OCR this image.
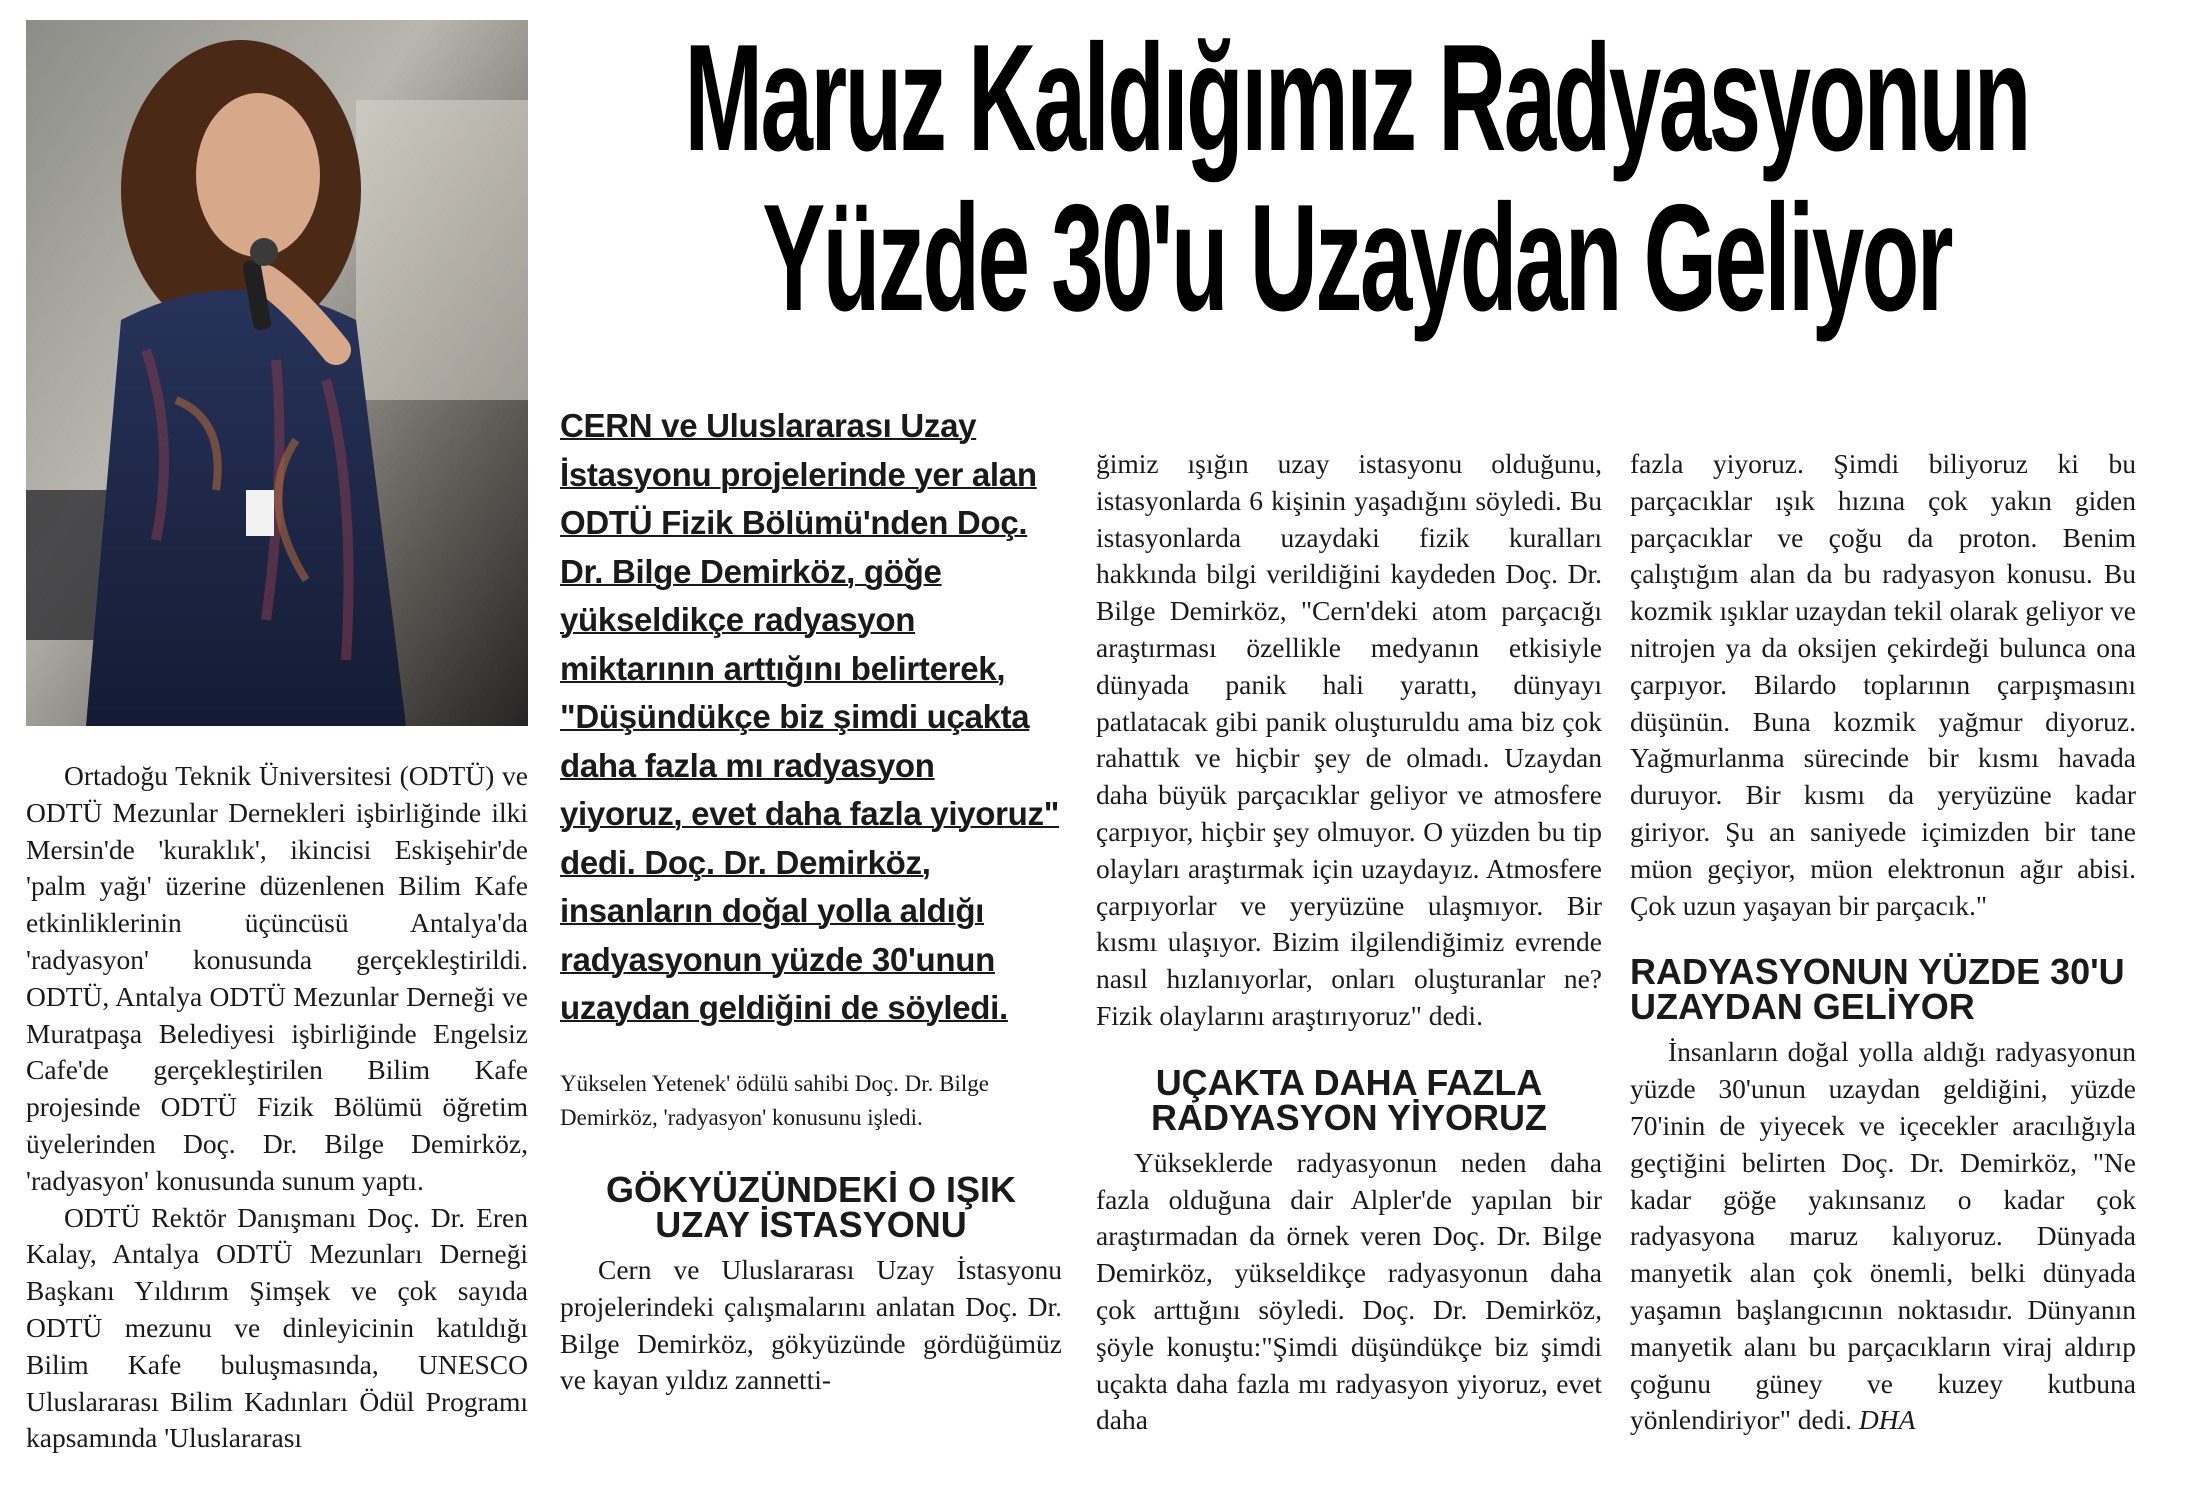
Maruz Kaldığımız Radyasyonun
Yüzde 30'u Uzaydan Geliyor

Ortadoğu Teknik Üniversitesi (ODTÜ) ve ODTÜ Mezunlar Dernekleri işbirliğinde ilki Mersin'de 'kuraklık', ikincisi Eskişehir'de 'palm yağı' üzerine düzenlenen Bilim Kafe etkinliklerinin üçüncüsü Antalya'da 'radyasyon' konusunda gerçekleştirildi. ODTÜ, Antalya ODTÜ Mezunlar Derneği ve Muratpaşa Belediyesi işbirliğinde Engelsiz Cafe'de gerçekleştirilen Bilim Kafe projesinde ODTÜ Fizik Bölümü öğretim üyelerinden Doç. Dr. Bilge Demirköz, 'radyasyon' konusunda sunum yaptı.

ODTÜ Rektör Danışmanı Doç. Dr. Eren Kalay, Antalya ODTÜ Mezunları Derneği Başkanı Yıldırım Şimşek ve çok sayıda ODTÜ mezunu ve dinleyicinin katıldığı Bilim Kafe buluşmasında, UNESCO Uluslararası Bilim Kadınları Ödül Programı kapsamında 'Uluslararası

CERN ve Uluslararası Uzay İstasyonu projelerinde yer alan ODTÜ Fizik Bölümü'nden Doç. Dr. Bilge Demirköz, göğe yükseldikçe radyasyon miktarının arttığını belirterek, "Düşündükçe biz şimdi uçakta daha fazla mı radyasyon yiyoruz, evet daha fazla yiyoruz" dedi. Doç. Dr. Demirköz, insanların doğal yolla aldığı radyasyonun yüzde 30'unun uzaydan geldiğini de söyledi.
Yükselen Yetenek' ödülü sahibi Doç. Dr. Bilge Demirköz, 'radyasyon' konusunu işledi.
GÖKYÜZÜNDEKİ O IŞIK UZAY İSTASYONU

Cern ve Uluslararası Uzay İstasyonu projelerindeki çalışmalarını anlatan Doç. Dr. Bilge Demirköz, gökyüzünde gördüğümüz ve kayan yıldız zannetti-

ğimiz ışığın uzay istasyonu olduğunu, istasyonlarda 6 kişinin yaşadığını söyledi. Bu istasyonlarda uzaydaki fizik kuralları hakkında bilgi verildiğini kaydeden Doç. Dr. Bilge Demirköz, "Cern'deki atom parçacığı araştırması özellikle medyanın etkisiyle dünyada panik hali yarattı, dünyayı patlatacak gibi panik oluşturuldu ama biz çok rahattık ve hiçbir şey de olmadı. Uzaydan daha büyük parçacıklar geliyor ve atmosfere çarpıyor, hiçbir şey olmuyor. O yüzden bu tip olayları araştırmak için uzaydayız. Atmosfere çarpıyorlar ve yeryüzüne ulaşmıyor. Bir kısmı ulaşıyor. Bizim ilgilendiğimiz evrende nasıl hızlanıyorlar, onları oluşturanlar ne? Fizik olaylarını araştırıyoruz" dedi.

UÇAKTA DAHA FAZLA RADYASYON YİYORUZ

Yükseklerde radyasyonun neden daha fazla olduğuna dair Alpler'de yapılan bir araştırmadan da örnek veren Doç. Dr. Bilge Demirköz, yükseldikçe radyasyonun daha çok arttığını söyledi. Doç. Dr. Demirköz, şöyle konuştu:"Şimdi düşündükçe biz şimdi uçakta daha fazla mı radyasyon yiyoruz, evet daha

fazla yiyoruz. Şimdi biliyoruz ki bu parçacıklar ışık hızına çok yakın giden parçacıklar ve çoğu da proton. Benim çalıştığım alan da bu radyasyon konusu. Bu kozmik ışıklar uzaydan tekil olarak geliyor ve nitrojen ya da oksijen çekirdeği bulunca ona çarpıyor. Bilardo toplarının çarpışmasını düşünün. Buna kozmik yağmur diyoruz. Yağmurlanma sürecinde bir kısmı havada duruyor. Bir kısmı da yeryüzüne kadar giriyor. Şu an saniyede içimizden bir tane müon geçiyor, müon elektronun ağır abisi. Çok uzun yaşayan bir parçacık."

RADYASYONUN YÜZDE 30'U UZAYDAN GELİYOR

İnsanların doğal yolla aldığı radyasyonun yüzde 30'unun uzaydan geldiğini, yüzde 70'inin de yiyecek ve içecekler aracılığıyla geçtiğini belirten Doç. Dr. Demirköz, "Ne kadar göğe yakınsanız o kadar çok radyasyona maruz kalıyoruz. Dünyada manyetik alan çok önemli, belki dünyada yaşamın başlangıcının noktasıdır. Dünyanın manyetik alanı bu parçacıkların viraj aldırıp çoğunu güney ve kuzey kutbuna yönlendiriyor" dedi. DHA
